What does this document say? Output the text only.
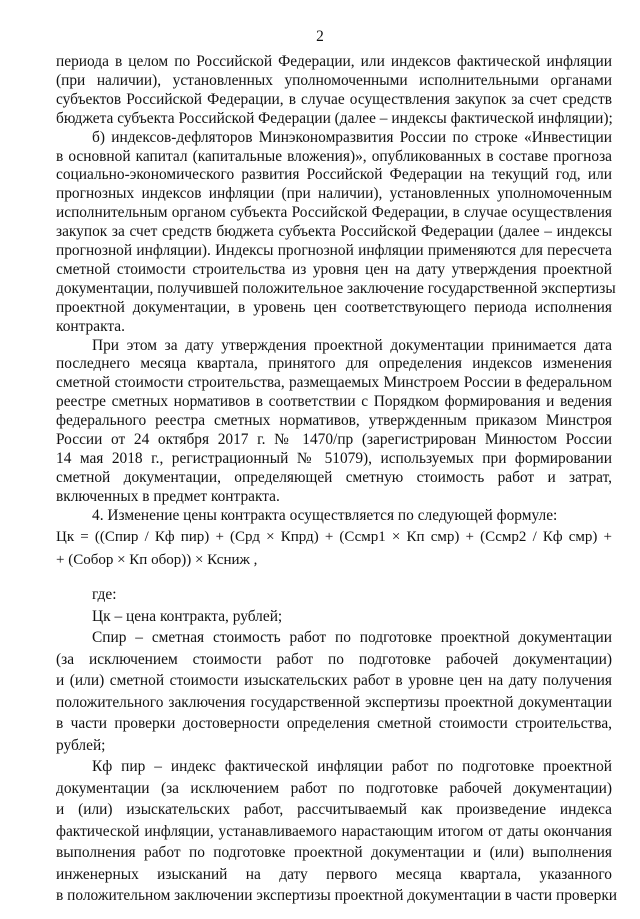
2
периода в целом по Российской Федерации, или индексов фактической инфляции
(при наличии), установленных уполномоченными исполнительными органами
субъектов Российской Федерации, в случае осуществления закупок за счет средств
бюджета субъекта Российской Федерации (далее – индексы фактической инфляции);
б) индексов-дефляторов Минэкономразвития России по строке «Инвестиции
в основной капитал (капитальные вложения)», опубликованных в составе прогноза
социально-экономического развития Российской Федерации на текущий год, или
прогнозных индексов инфляции (при наличии), установленных уполномоченным
исполнительным органом субъекта Российской Федерации, в случае осуществления
закупок за счет средств бюджета субъекта Российской Федерации (далее – индексы
прогнозной инфляции). Индексы прогнозной инфляции применяются для пересчета
сметной стоимости строительства из уровня цен на дату утверждения проектной
документации, получившей положительное заключение государственной экспертизы
проектной документации, в уровень цен соответствующего периода исполнения
контракта.
При этом за дату утверждения проектной документации принимается дата
последнего месяца квартала, принятого для определения индексов изменения
сметной стоимости строительства, размещаемых Минстроем России в федеральном
реестре сметных нормативов в соответствии с Порядком формирования и ведения
федерального реестра сметных нормативов, утвержденным приказом Минстроя
России от 24 октября 2017 г. № 1470/пр (зарегистрирован Минюстом России
14 мая 2018 г., регистрационный № 51079), используемых при формировании
сметной документации, определяющей сметную стоимость работ и затрат,
включенных в предмет контракта.
4. Изменение цены контракта осуществляется по следующей формуле:
Цк = ((Спир / Кф пир) + (Срд × Кпрд) + (Ссмр1 × Кп смр) + (Ссмр2 / Кф смр) +
+ (Собор × Кп обор)) × Ксниж ,
где:
Цк – цена контракта, рублей;
Спир – сметная стоимость работ по подготовке проектной документации
(за исключением стоимости работ по подготовке рабочей документации)
и (или) сметной стоимости изыскательских работ в уровне цен на дату получения
положительного заключения государственной экспертизы проектной документации
в части проверки достоверности определения сметной стоимости строительства,
рублей;
Кф пир – индекс фактической инфляции работ по подготовке проектной
документации (за исключением работ по подготовке рабочей документации)
и (или) изыскательских работ, рассчитываемый как произведение индекса
фактической инфляции, устанавливаемого нарастающим итогом от даты окончания
выполнения работ по подготовке проектной документации и (или) выполнения
инженерных изысканий на дату первого месяца квартала, указанного
в положительном заключении экспертизы проектной документации в части проверки
